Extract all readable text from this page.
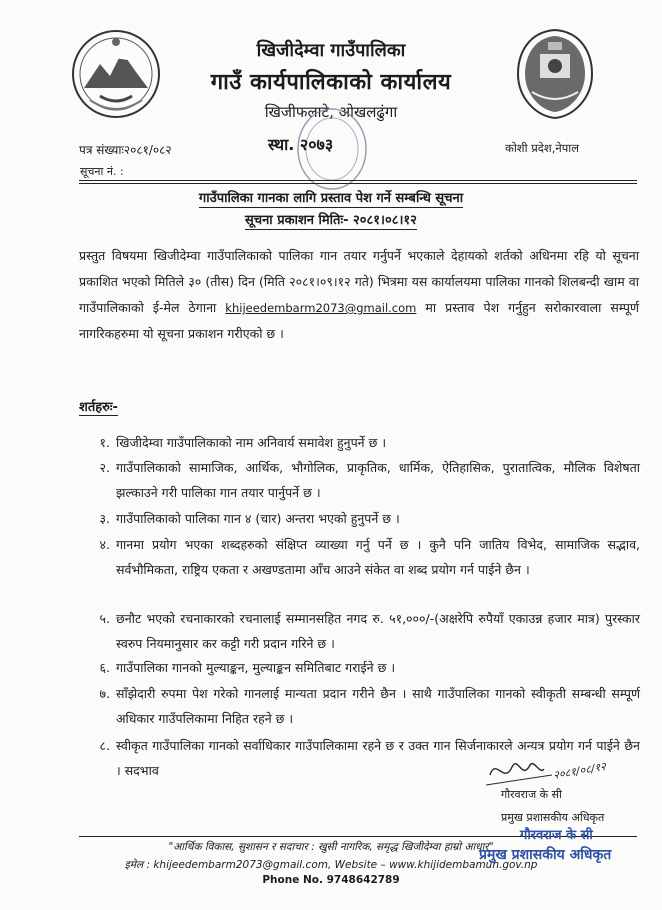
खिजीदेम्वा गाउँपालिका
गाउँ कार्यपालिकाको कार्यालय
खिजीफलाटे, ओखलढुंगा
स्था. २०७३
पत्र संख्याः२०८१/०८२
सूचना नं. :
कोशी प्रदेश,नेपाल
गाउँपालिका गानका लागि प्रस्ताव पेश गर्ने सम्बन्धि सूचना
सूचना प्रकाशन मितिः- २०८१।०८।१२
प्रस्तुत विषयमा खिजीदेम्वा गाउँपालिकाको पालिका गान तयार गर्नुपर्ने भएकाले देहायको शर्तको अधिनमा रहि यो सूचना प्रकाशित भएको मितिले ३० (तीस) दिन (मिति २०८१।०९।१२ गते) भित्रमा यस कार्यालयमा पालिका गानको शिलबन्दी खाम वा गाउँपालिकाको ई-मेल ठेगाना khijeedembarm2073@gmail.com मा प्रस्ताव पेश गर्नुहुन सरोकारवाला सम्पूर्ण नागरिकहरुमा यो सूचना प्रकाशन गरीएको छ ।
शर्तहरुः-
१. खिजीदेम्वा गाउँपालिकाको नाम अनिवार्य समावेश हुनुपर्ने छ ।
२. गाउँपालिकाको सामाजिक, आर्थिक, भौगोलिक, प्राकृतिक, धार्मिक, ऐतिहासिक, पुरातात्विक, मौलिक विशेषता झल्काउने गरी पालिका गान तयार पार्नुपर्ने छ ।
३. गाउँपालिकाको पालिका गान ४ (चार) अन्तरा भएको हुनुपर्ने छ ।
४. गानमा प्रयोग भएका शब्दहरुको संक्षिप्त व्याख्या गर्नु पर्ने छ । कुनै पनि जातिय विभेद, सामाजिक सद्भाव, सर्वभौमिकता, राष्ट्रिय एकता र अखण्डतामा आँच आउने संकेत वा शब्द प्रयोग गर्न पाईने छैन ।
५. छनौट भएको रचनाकारको रचनालाई सम्मानसहित नगद रु. ५१,०००/-(अक्षरेपि रुपैयाँ एकाउन्न हजार मात्र) पुरस्कार स्वरुप नियमानुसार कर कट्टी गरी प्रदान गरिने छ ।
६. गाउँपालिका गानको मुल्याङ्कन, मुल्याङ्कन समितिबाट गराईने छ ।
७. साँझेदारी रुपमा पेश गरेको गानलाई मान्यता प्रदान गरीने छैन । साथै गाउँपालिका गानको स्वीकृती सम्बन्धी सम्पूर्ण अधिकार गाउँपलिकामा निहित रहने छ ।
८. स्वीकृत गाउँपालिका गानको सर्वाधिकार गाउँपालिकामा रहने छ र उक्त गान सिर्जनाकारले अन्यत्र प्रयोग गर्न पाईने छैन । सदभाव	२०८१/०८/१२
गौरवराज के सी
प्रमुख प्रशासकीय अधिकृत
"आर्थिक विकास, सुशासन र सदाचार : खुसी नागरिक, समृद्ध खिजीदेम्वा हाम्रो आधार"
इमेल : khijeedembarm2073@gmail.com, Website – www.khijidembamun.gov.np
Phone No. 9748642789
गौरवराज के सी
प्रमुख प्रशासकीय अधिकृत
